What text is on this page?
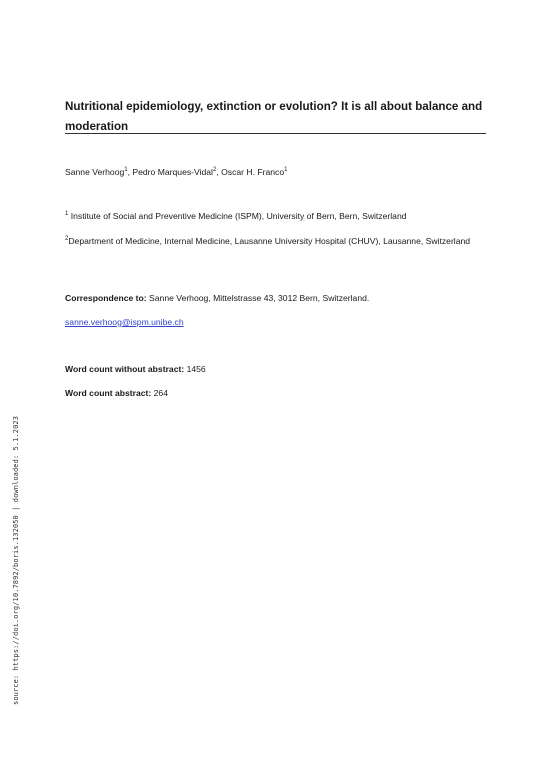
Nutritional epidemiology, extinction or evolution? It is all about balance and moderation
Sanne Verhoog$^1$, Pedro Marques-Vidal$^2$, Oscar H. Franco$^1$
$^1$ Institute of Social and Preventive Medicine (ISPM), University of Bern, Bern, Switzerland
$^2$Department of Medicine, Internal Medicine, Lausanne University Hospital (CHUV), Lausanne, Switzerland
Correspondence to: Sanne Verhoog, Mittelstrasse 43, 3012 Bern, Switzerland.
sanne.verhoog@ispm.unibe.ch
Word count without abstract: 1456
Word count abstract: 264
source: https://doi.org/10.7892/boris.132050 | downloaded: 5.1.2023
